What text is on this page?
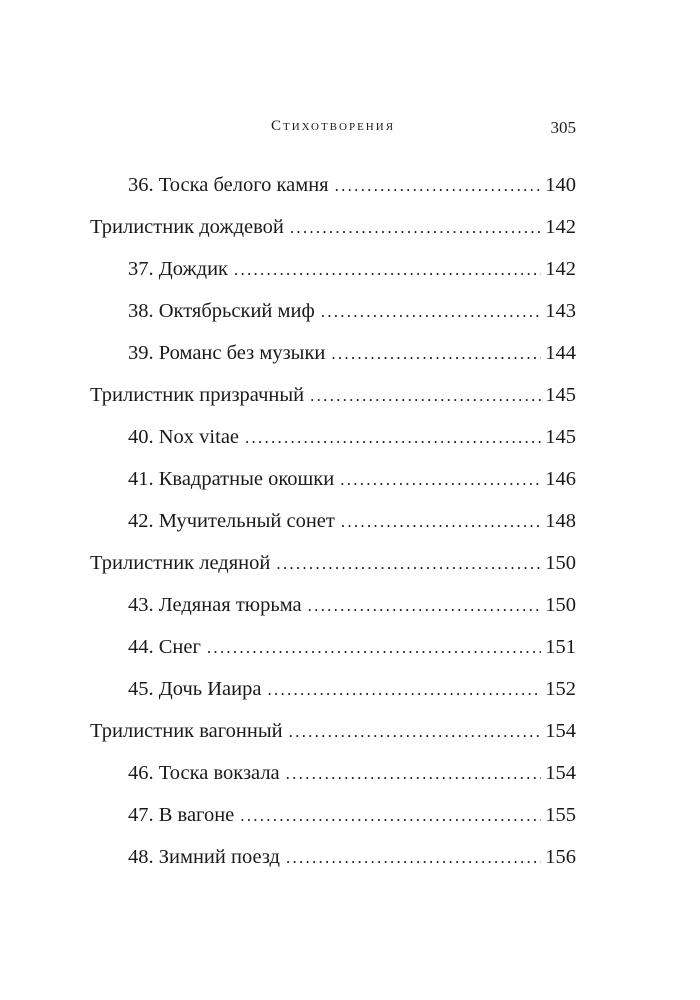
Стихотворения	305
36. Тоска белого камня . . .	140
Трилистник дождевой . . .	142
37. Дождик . . .	142
38. Октябрьский миф . . .	143
39. Романс без музыки . . .	144
Трилистник призрачный . . .	145
40. Nox vitae . . .	145
41. Квадратные окошки . . .	146
42. Мучительный сонет . . .	148
Трилистник ледяной . . .	150
43. Ледяная тюрьма . . .	150
44. Снег . . .	151
45. Дочь Иаира . . .	152
Трилистник вагонный . . .	154
46. Тоска вокзала . . .	154
47. В вагоне . . .	155
48. Зимний поезд . . .	156
